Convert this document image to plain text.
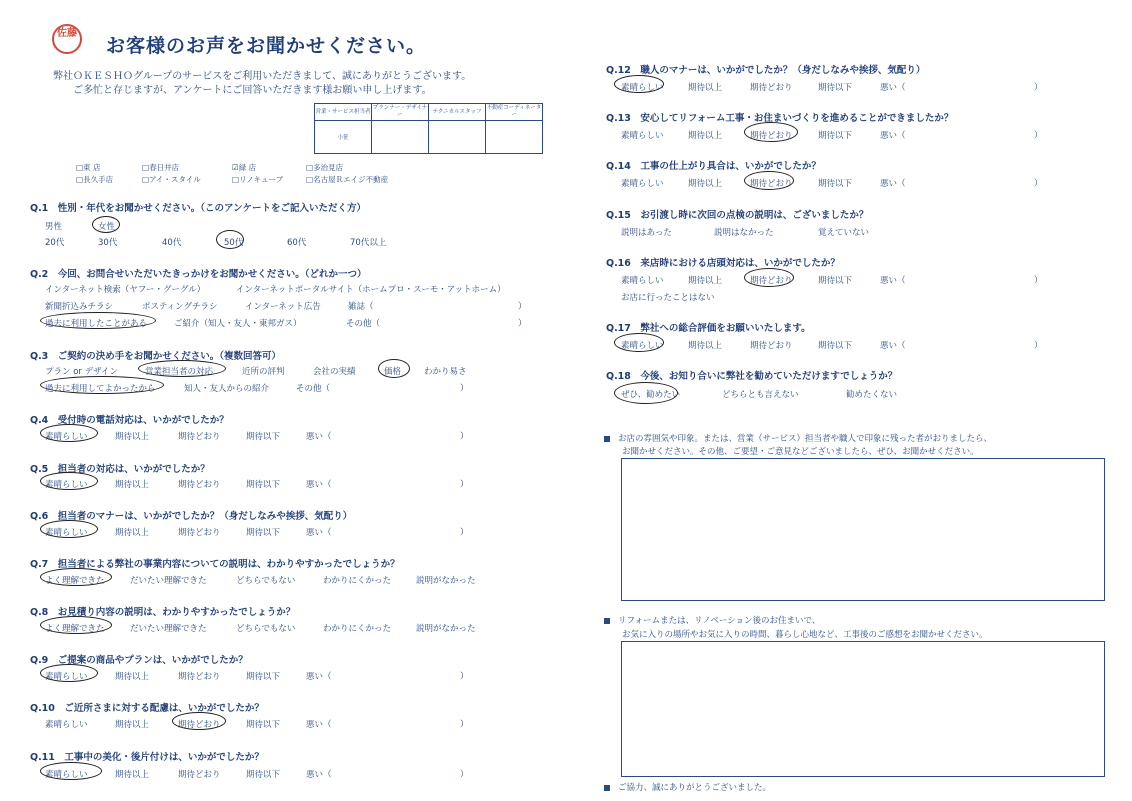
佐藤
お客様のお声をお聞かせください。
弊社ＯＫＥＳＨＯグループのサービスをご利用いただきまして、誠にありがとうございます。
ご多忙と存じますが、アンケートにご回答いただきます様お願い申し上げます。
営業・サービス担当者	プランナー・デザイナー	テクニカルスタッフ	不動産コーディネーター
小笹			
□東 店	□春日井店	☑緑 店	□多治見店
□長久手店	□アイ・スタイル	□リノキューブ	□名古屋Ｒエイジ不動産
Q.1　性別・年代をお聞かせください。（このアンケートをご記入いただく方）
男性	女性
20代	30代	40代	50代	60代	70代以上
Q.2　今回、お問合せいただいたきっかけをお聞かせください。（どれか一つ）
インターネット検索（ヤフー・グーグル）	インターネットポータルサイト（ホームプロ・スーモ・アットホーム）
新聞折込みチラシ	ポスティングチラシ	インターネット広告	雑誌（	）
過去に利用したことがある	ご紹介（知人・友人・東邦ガス）	その他（	）
Q.3　ご契約の決め手をお聞かせください。（複数回答可）
プラン or デザイン	営業担当者の対応	近所の評判	会社の実績	価格	わかり易さ
過去に利用してよかったから	知人・友人からの紹介	その他（	）
Q.4　受付時の電話対応は、いかがでしたか？
素晴らしい	期待以上	期待どおり	期待以下	悪い（	）
Q.5　担当者の対応は、いかがでしたか？
素晴らしい	期待以上	期待どおり	期待以下	悪い（	）
Q.6　担当者のマナーは、いかがでしたか？（身だしなみや挨拶、気配り）
素晴らしい	期待以上	期待どおり	期待以下	悪い（	）
Q.7　担当者による弊社の事業内容についての説明は、わかりやすかったでしょうか？
よく理解できた	だいたい理解できた	どちらでもない	わかりにくかった	説明がなかった
Q.8　お見積り内容の説明は、わかりやすかったでしょうか？
よく理解できた	だいたい理解できた	どちらでもない	わかりにくかった	説明がなかった
Q.9　ご提案の商品やプランは、いかがでしたか？
素晴らしい	期待以上	期待どおり	期待以下	悪い（	）
Q.10　ご近所さまに対する配慮は、いかがでしたか？
素晴らしい	期待以上	期待どおり	期待以下	悪い（	）
Q.11　工事中の美化・後片付けは、いかがでしたか？
素晴らしい	期待以上	期待どおり	期待以下	悪い（	）
Q.12　職人のマナーは、いかがでしたか？（身だしなみや挨拶、気配り）
素晴らしい	期待以上	期待どおり	期待以下	悪い（	）
Q.13　安心してリフォーム工事・お住まいづくりを進めることができましたか？
素晴らしい	期待以上	期待どおり	期待以下	悪い（	）
Q.14　工事の仕上がり具合は、いかがでしたか？
素晴らしい	期待以上	期待どおり	期待以下	悪い（	）
Q.15　お引渡し時に次回の点検の説明は、ございましたか？
説明はあった	説明はなかった	覚えていない
Q.16　来店時における店頭対応は、いかがでしたか？
素晴らしい	期待以上	期待どおり	期待以下	悪い（	）
お店に行ったことはない
Q.17　弊社への総合評価をお願いいたします。
素晴らしい	期待以上	期待どおり	期待以下	悪い（	）
Q.18　今後、お知り合いに弊社を勧めていただけますでしょうか？
ぜひ、勧めたい	どちらとも言えない	勧めたくない
お店の雰囲気や印象。または、営業（サービス）担当者や職人で印象に残った者がおりましたら、
お聞かせください。その他、ご要望・ご意見などございましたら、ぜひ、お聞かせください。
リフォームまたは、リノベーション後のお住まいで、
お気に入りの場所やお気に入りの時間、暮らし心地など、工事後のご感想をお聞かせください。
ご協力、誠にありがとうございました。
